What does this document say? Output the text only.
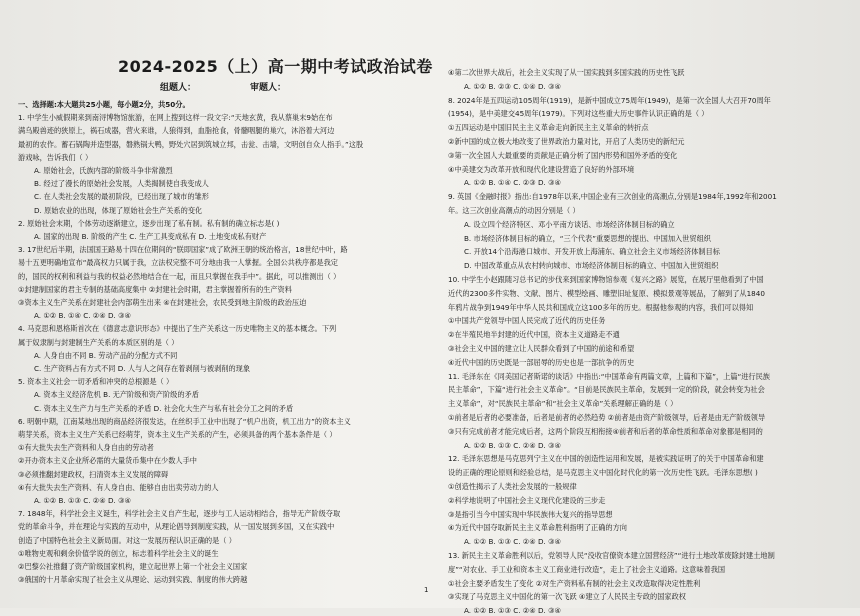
2024-2025（上）高一期中考试政治试卷
组题人：	审题人：
一、选择题:本大题共25小题，每小题2分，共50分。
1. 中学生小威假期来到南浔博物馆旅游，在网上搜到这样一段文字:“天地玄黄，我从蔡巢末9始在布
满乌殿兽迹的狭原上，祸石成器，营火来谁，人狼得到，血脂抢食，骨髓咽腿的巢穴，沐浴着大河边
最初的农作。蓄石锅陶并造型器，磐熟锅大鸭，野处穴居到筑城立邦，击瓮、击墙，文明创自众人指手。”这股
游戏咏，告诉我们（ ）
A. 原始社会，氏族内部的阶级斗争非常激烈
B. 经过了漫长的原始社会发展，人类揭制使自我变成人
C. 在人类社会发展的最初阶段，已经出现了城市的雏形
D. 原始农业的出现，体现了原始社会生产关系的变化
2. 原始社会末期，个体劳动逐渐建立，逐步出现了私有制。私有制的确立标志是( )
A. 国家的出现 B. 阶级的产生 C. 生产工具变成私有 D. 土地变成私有财产
3. 17世纪后半期，法国国王路易十四在位期间的“朕即国家”成了欧洲王朝的统治格言，18世纪中叶，路
易十五更明确地宣布“最高权力只属于我，立法权完整不可分地由我一人掌握。全国公共秩序都是我定
的，国民的权利和利益与我的权益必然地结合在一起，而且只掌握在我手中”。据此，可以推测出（ ）
①封建制国家的君主专制的基础高度集中 ②封建社会时期，君主掌握着所有的生产资料
③资本主义生产关系在封建社会内部萌生出来 ④在封建社会，农民受到地主阶级的政治压迫
A. ①② B. ①④ C. ②④ D. ③④
4. 马克思和恩格斯首次在《德意志意识形态》中提出了生产关系这一历史唯物主义的基本概念。下列
属于奴隶制与封建制生产关系的本质区别的是（ ）
A. 人身自由不同 B. 劳动产品的分配方式不同
C. 生产资料占有方式不同 D. 人与人之间存在着剥削与被剥削的现象
5. 资本主义社会一切矛盾和冲突的总根源是（ ）
A. 资本主义经济危机 B. 无产阶级和资产阶级的矛盾
C. 资本主义生产力与生产关系的矛盾 D. 社会化大生产与私有社会分工之间的矛盾
6. 明朝中期，江南某地出现的商品经济很发达，在丝织手工业中出现了“机户出资，机工出力”的资本主义
萌芽关系，资本主义生产关系已经萌芽，资本主义生产关系的产生，必须具备的两个基本条件是（ ）
①有大批失去生产资料和人身自由的劳动者
②开办资本主义企业所必需的大量货币集中在少数人手中
③必须推翻封建政权，扫清资本主义发展的障碍
④有大批失去生产资料、有人身自由、能够自由出卖劳动力的人
A. ①② B. ①③ C. ②④ D. ③④
7. 1848年，科学社会主义诞生，科学社会主义自产生起，逐步与工人运动相结合，指导无产阶级夺取
党的革命斗争，并在理论与实践的互动中，从理论倡导到制度实践，从一国发展到多国，又在实践中
创造了中国特色社会主义新局面。对这一发展历程认识正确的是（ ）
①唯物史观和剩余价值学说的创立，标志着科学社会主义的诞生
②巴黎公社推翻了资产阶级国家机构，建立起世界上第一个社会主义国家
③俄国的十月革命实现了社会主义从理论、运动到实践、制度的伟大跨越
④第二次世界大战后，社会主义实现了从一国实践到多国实践的历史性飞跃
A. ①② B. ②③ C. ①④ D. ③④
8. 2024年是五四运动105周年(1919)，是新中国成立75周年(1949)，是第一次全国人大召开70周年
(1954)，是中美建交45周年(1979)。下列对这些重大历史事件认识正确的是（ ）
①五四运动是中国旧民主主义革命走向新民主主义革命的转折点
②新中国的成立极大地改变了世界政治力量对比，开启了人类历史的新纪元
③第一次全国人大最重要的贡献是正确分析了国内形势和国外矛盾的变化
④中美建交为改革开放和现代化建设营造了良好的外部环境
A. ①② B. ①④ C. ②③ D. ③④
9. 英国《金融时报》指出:自1978年以来,中国企业有三次创业的高潮点,分别是1984年,1992年和2001
年。这三次创业高潮点的动因分别是（ ）
A. 设立四个经济特区、邓小平南方谈话、市场经济体制目标的确立
B. 市场经济体制目标的确立，“三个代表”重要思想的提出、中国加入世贸组织
C. 开放14个沿海港口城市、开发开放上海浦东、确立社会主义市场经济体制目标
D. 中国改革重点从农村转向城市、市场经济体制目标的确立、中国加入世贸组织
10. 中学生小赵跟随习总书记的步伐来到国家博物馆参观《复兴之路》展览，在展厅里他看到了中国
近代的2300多件实物、文献、图片、模型绘画、雕塑旧址复原、模拟景观等展品，了解到了从1840
年鸦片战争到1949年中华人民共和国成立这100多年的历史。根据他参观的内容，我们可以得知
①中国共产党领导中国人民完成了近代的历史任务
②在半殖民地半封建的近代中国，资本主义道路走不通
③社会主义中国的建立让人民群众看到了中国的前途和希望
④近代中国的历史既是一部屈辱的历史也是一部抗争的历史
11. 毛泽东在《同美国记者斯诺的谈话》中指出:“中国革命有两篇文章，上篇和下篇”，上篇“进行民族
民主革命”，下篇“进行社会主义革命”。“目前是民族民主革命，发展到一定的阶段，就会转变为社会
主义革命”，对“民族民主革命”和“社会主义革命”关系理解正确的是（ ）
①前者是后者的必要准备，后者是前者的必然趋势 ②前者是由资产阶级领导，后者是由无产阶级领导
③只有完成前者才能完成后者，这两个阶段互相衔接④前者和后者的革命性质和革命对象都是相同的
A. ①② B. ①③ C. ②④ D. ③④
12. 毛泽东思想是马克思列宁主义在中国的创造性运用和发展，是被实践证明了的关于中国革命和建
设的正确的理论原则和经验总结，是马克思主义中国化时代化的第一次历史性飞跃。毛泽东思想( )
①创造性揭示了人类社会发展的一般规律
②科学地说明了中国社会主义现代化建设的三步走
③是指引当今中国实现中华民族伟大复兴的指导思想
④为近代中国夺取新民主主义革命胜利指明了正确的方向
A. ①② B. ①③ C. ②④ D. ③④
13. 新民主主义革命胜利以后，党领导人民“没收官僚资本建立国营经济”“进行土地改革废除封建土地制
度”“对农业、手工业和资本主义工商业进行改造”，走上了社会主义道路。这意味着我国
①社会主要矛盾发生了变化 ②对生产资料私有制的社会主义改造取得决定性胜利
③实现了马克思主义中国化的第一次飞跃 ④建立了人民民主专政的国家政权
A. ①② B. ①③ C. ②④ D. ③④
1
